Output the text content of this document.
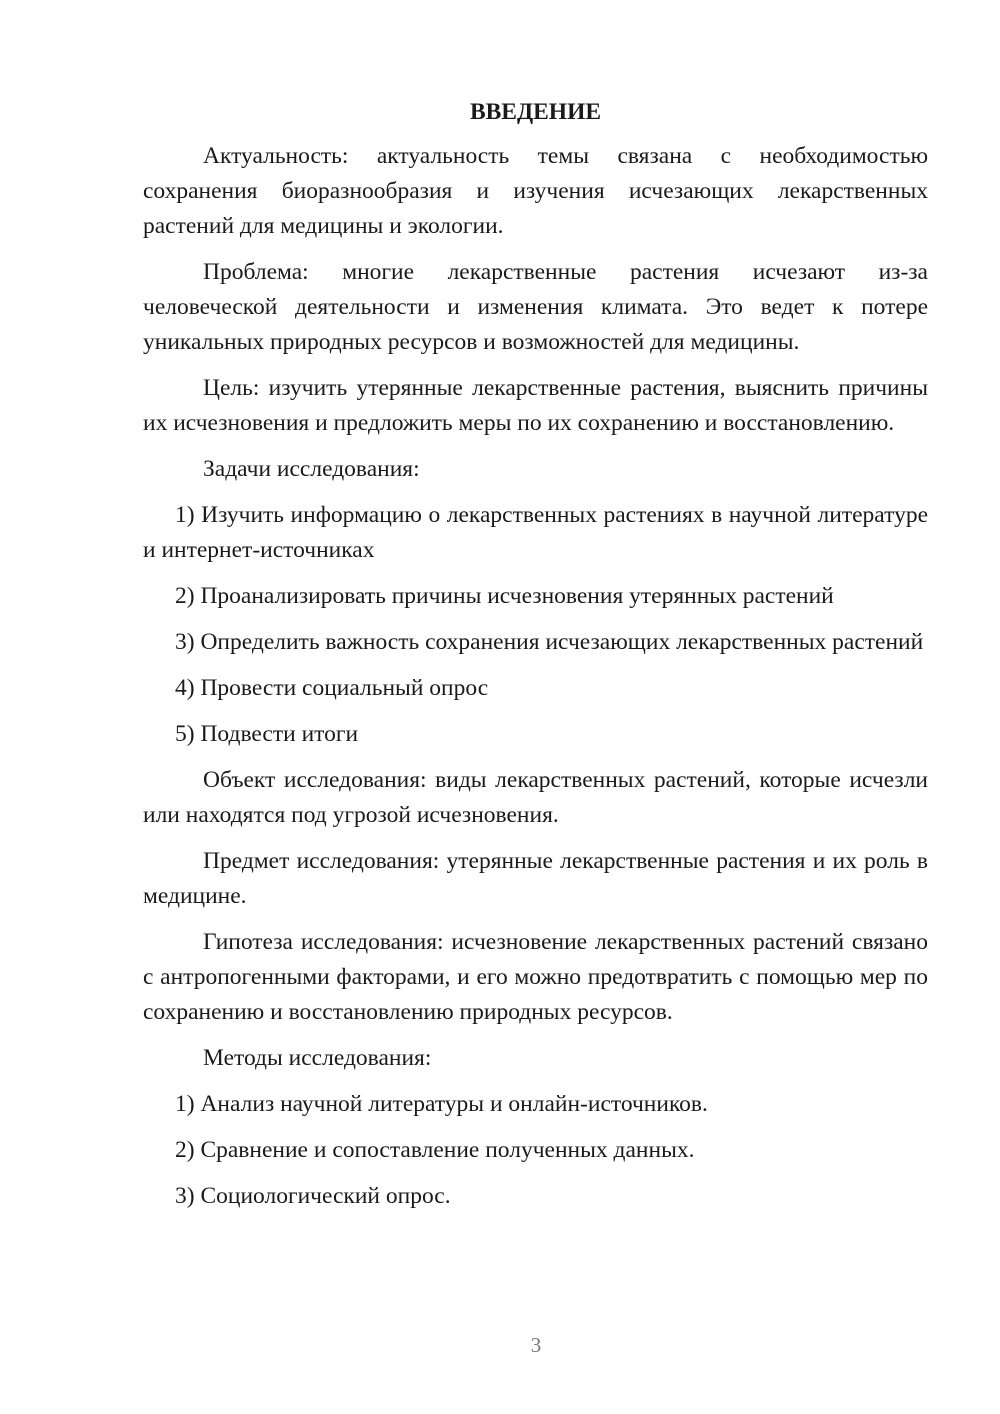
ВВЕДЕНИЕ

Актуальность: актуальность темы связана с необходимостью сохранения биоразнообразия и изучения исчезающих лекарственных растений для медицины и экологии.

Проблема: многие лекарственные растения исчезают из-за человеческой деятельности и изменения климата. Это ведет к потере уникальных природных ресурсов и возможностей для медицины.

Цель: изучить утерянные лекарственные растения, выяснить причины их исчезновения и предложить меры по их сохранению и восстановлению.

Задачи исследования:

1) Изучить информацию о лекарственных растениях в научной литературе и интернет-источниках

2) Проанализировать причины исчезновения утерянных растений

3) Определить важность сохранения исчезающих лекарственных растений

4) Провести социальный опрос

5) Подвести итоги

Объект исследования: виды лекарственных растений, которые исчезли или находятся под угрозой исчезновения.

Предмет исследования: утерянные лекарственные растения и их роль в медицине.

Гипотеза исследования: исчезновение лекарственных растений связано с антропогенными факторами, и его можно предотвратить с помощью мер по сохранению и восстановлению природных ресурсов.

Методы исследования:

1) Анализ научной литературы и онлайн-источников.

2) Сравнение и сопоставление полученных данных.

3) Социологический опрос.

3
